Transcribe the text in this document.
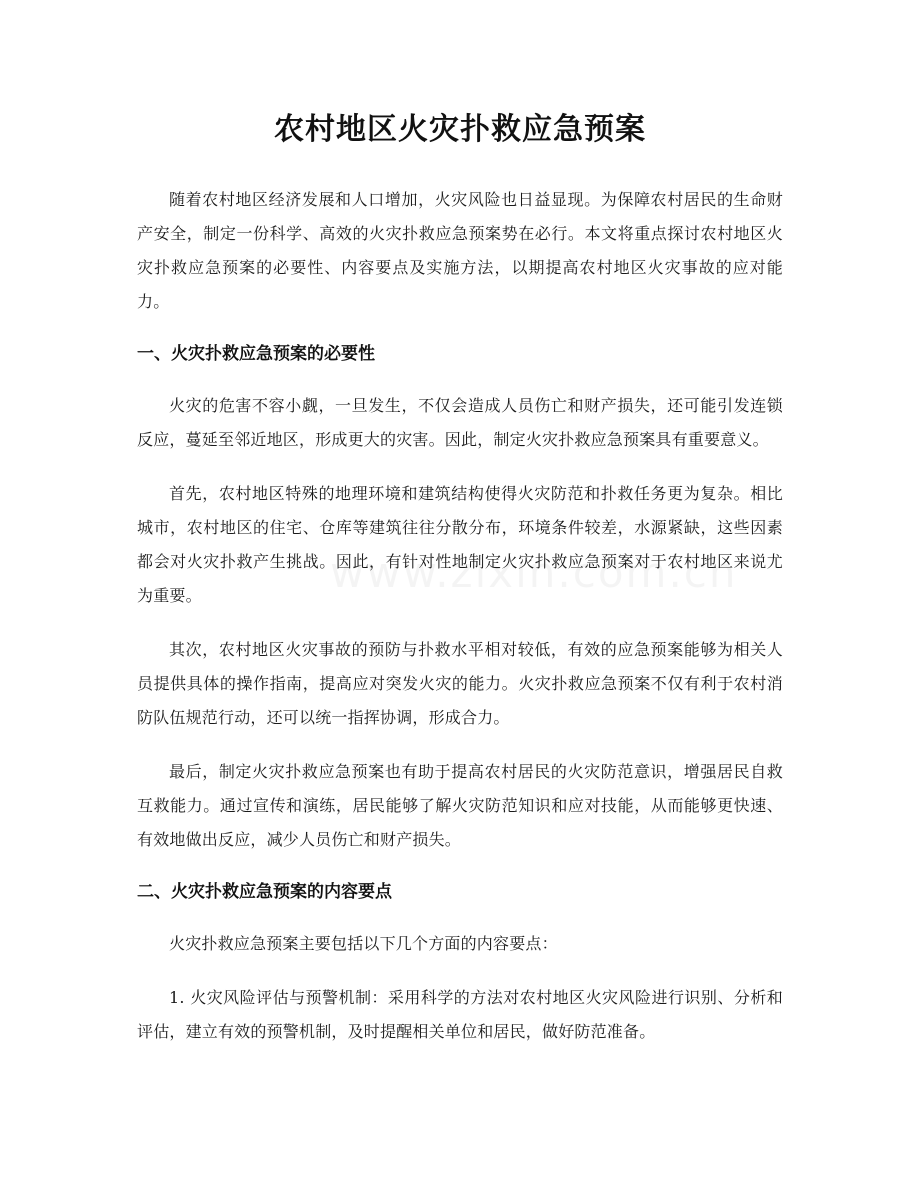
农村地区火灾扑救应急预案

随着农村地区经济发展和人口增加，火灾风险也日益显现。为保障农村居民的生命财产安全，制定一份科学、高效的火灾扑救应急预案势在必行。本文将重点探讨农村地区火灾扑救应急预案的必要性、内容要点及实施方法，以期提高农村地区火灾事故的应对能力。

一、火灾扑救应急预案的必要性

火灾的危害不容小觑，一旦发生，不仅会造成人员伤亡和财产损失，还可能引发连锁反应，蔓延至邻近地区，形成更大的灾害。因此，制定火灾扑救应急预案具有重要意义。

首先，农村地区特殊的地理环境和建筑结构使得火灾防范和扑救任务更为复杂。相比城市，农村地区的住宅、仓库等建筑往往分散分布，环境条件较差，水源紧缺，这些因素都会对火灾扑救产生挑战。因此，有针对性地制定火灾扑救应急预案对于农村地区来说尤为重要。

其次，农村地区火灾事故的预防与扑救水平相对较低，有效的应急预案能够为相关人员提供具体的操作指南，提高应对突发火灾的能力。火灾扑救应急预案不仅有利于农村消防队伍规范行动，还可以统一指挥协调，形成合力。

最后，制定火灾扑救应急预案也有助于提高农村居民的火灾防范意识，增强居民自救互救能力。通过宣传和演练，居民能够了解火灾防范知识和应对技能，从而能够更快速、有效地做出反应，减少人员伤亡和财产损失。

二、火灾扑救应急预案的内容要点

火灾扑救应急预案主要包括以下几个方面的内容要点：

1. 火灾风险评估与预警机制：采用科学的方法对农村地区火灾风险进行识别、分析和评估，建立有效的预警机制，及时提醒相关单位和居民，做好防范准备。
